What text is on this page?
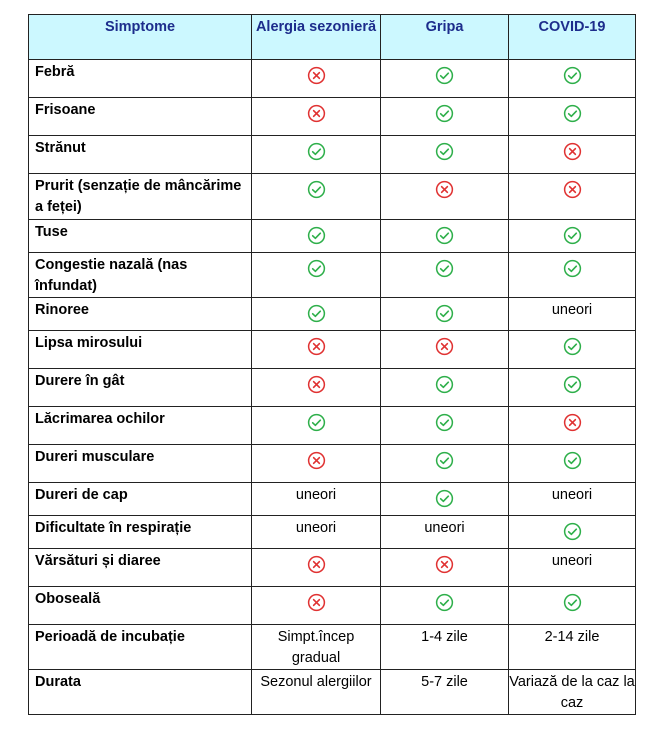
Simptome	Alergia sezonieră	Gripa	COVID-19
Febră	

Frisoane	

Strănut	

Prurit (senzație de mâncărime a feței)	

Tuse	

Congestie nazală (nas înfundat)	

Rinoree			uneori

Lipsa mirosului	

Durere în gât	

Lăcrimarea ochilor	

Dureri musculare	

Dureri de cap	uneori		uneori

Dificultate în respirație	uneori	uneori

Vărsături și diaree			uneori

Oboseală	

Perioadă de incubație	Simpt.încep gradual	1-4 zile	2-14 zile

Durata	Sezonul alergiilor	5-7 zile	Variază de la caz la caz
